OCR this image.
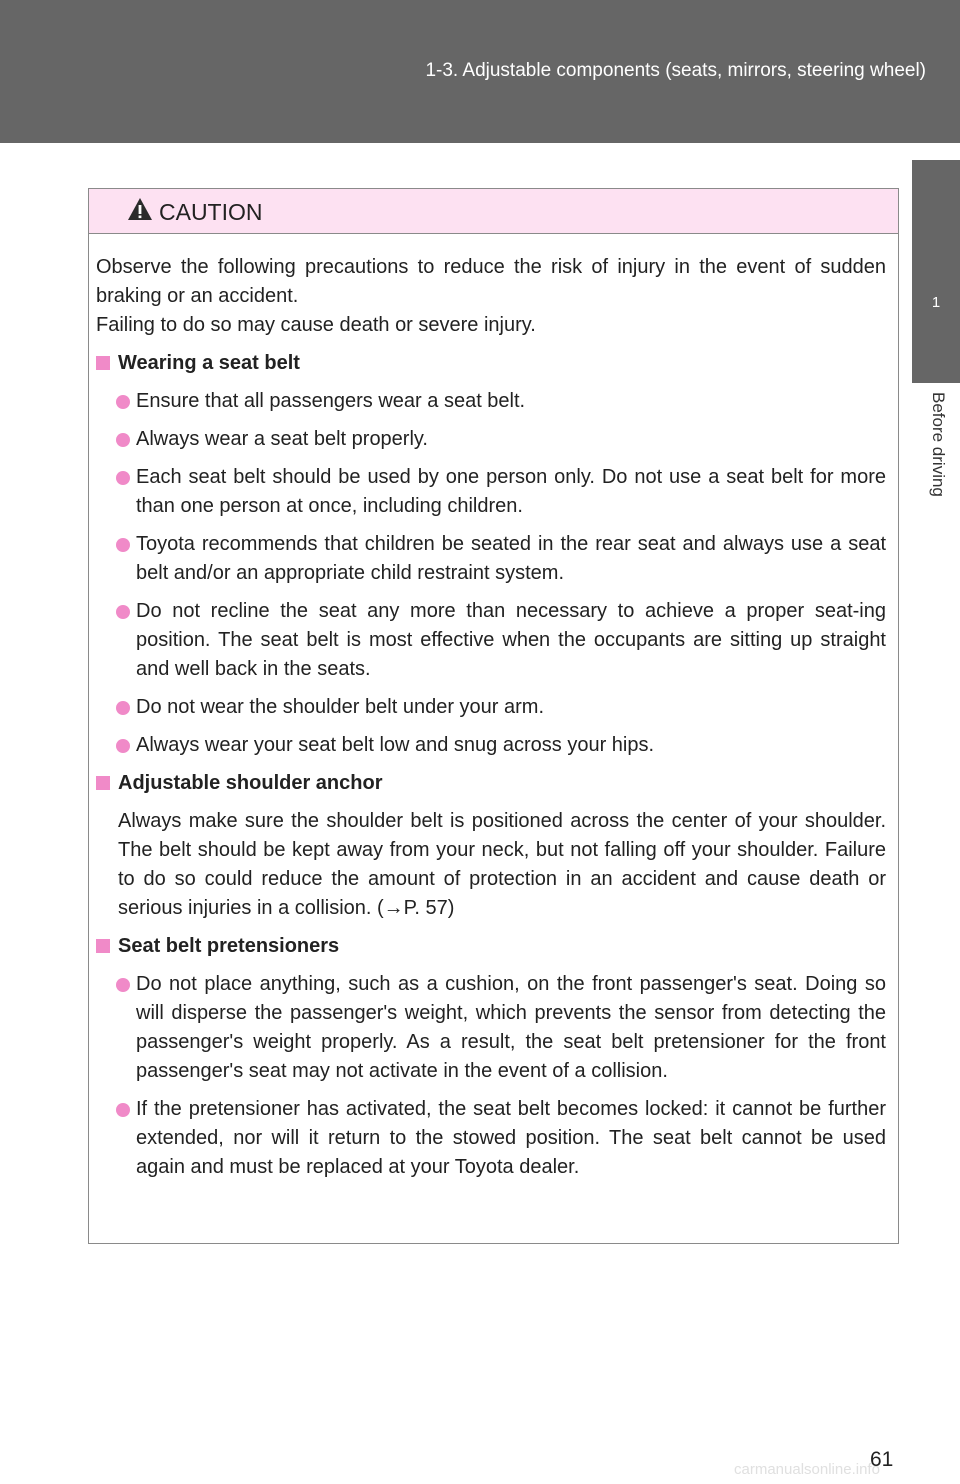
1-3. Adjustable components (seats, mirrors, steering wheel)
1
Before driving
CAUTION

Observe the following precautions to reduce the risk of injury in the event of sudden braking or an accident.

Failing to do so may cause death or severe injury.

Wearing a seat belt
Ensure that all passengers wear a seat belt.
Always wear a seat belt properly.
Each seat belt should be used by one person only. Do not use a seat belt for more than one person at once, including children.
Toyota recommends that children be seated in the rear seat and always use a seat belt and/or an appropriate child restraint system.
Do not recline the seat any more than necessary to achieve a proper seat-ing position. The seat belt is most effective when the occupants are sitting up straight and well back in the seats.
Do not wear the shoulder belt under your arm.
Always wear your seat belt low and snug across your hips.
Adjustable shoulder anchor

Always make sure the shoulder belt is positioned across the center of your shoulder. The belt should be kept away from your neck, but not falling off your shoulder. Failure to do so could reduce the amount of protection in an accident and cause death or serious injuries in a collision. (→P. 57)

Seat belt pretensioners
Do not place anything, such as a cushion, on the front passenger's seat. Doing so will disperse the passenger's weight, which prevents the sensor from detecting the passenger's weight properly. As a result, the seat belt pretensioner for the front passenger's seat may not activate in the event of a collision.
If the pretensioner has activated, the seat belt becomes locked: it cannot be further extended, nor will it return to the stowed position. The seat belt cannot be used again and must be replaced at your Toyota dealer.
61
carmanualsonline.info
